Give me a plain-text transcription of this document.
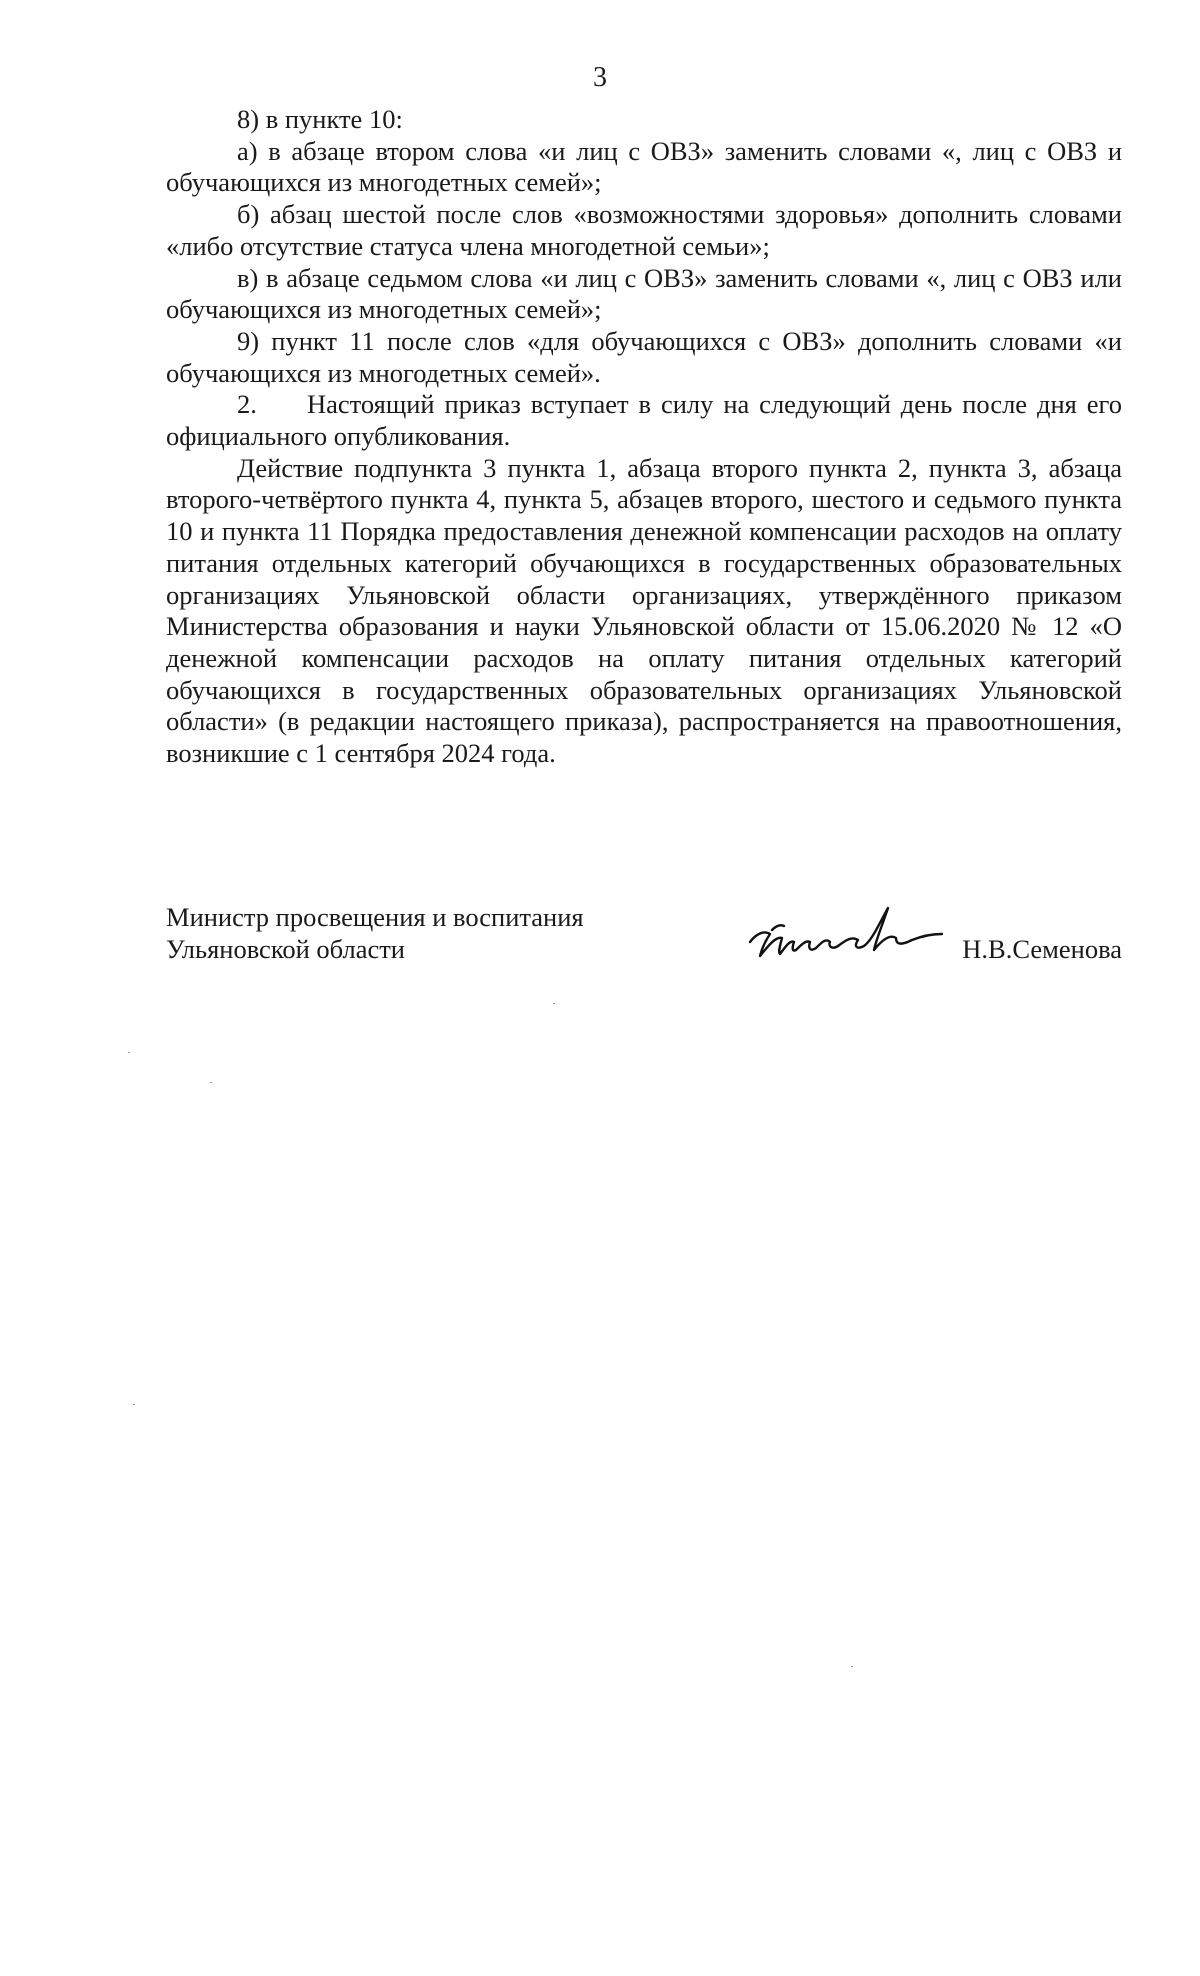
3

8) в пункте 10:

а) в абзаце втором слова «и лиц с ОВЗ» заменить словами «, лиц с ОВЗ и обучающихся из многодетных семей»;

б) абзац шестой после слов «возможностями здоровья» дополнить словами «либо отсутствие статуса члена многодетной семьи»;

в) в абзаце седьмом слова «и лиц с ОВЗ» заменить словами «, лиц с ОВЗ или обучающихся из многодетных семей»;

9) пункт 11 после слов «для обучающихся с ОВЗ» дополнить словами «и обучающихся из многодетных семей».

2. Настоящий приказ вступает в силу на следующий день после дня его официального опубликования.

Действие подпункта 3 пункта 1, абзаца второго пункта 2, пункта 3, абзаца второго-четвёртого пункта 4, пункта 5, абзацев второго, шестого и седьмого пункта 10 и пункта 11 Порядка предоставления денежной компенсации расходов на оплату питания отдельных категорий обучающихся в государственных образовательных организациях Ульяновской области организациях, утверждённого приказом Министерства образования и науки Ульяновской области от 15.06.2020 № 12 «О денежной компенсации расходов на оплату питания отдельных категорий обучающихся в государственных образовательных организациях Ульяновской области» (в редакции настоящего приказа), распространяется на правоотношения, возникшие с 1 сентября 2024 года.

Министр просвещения и воспитания
Ульяновской области	Н.В.Семенова
